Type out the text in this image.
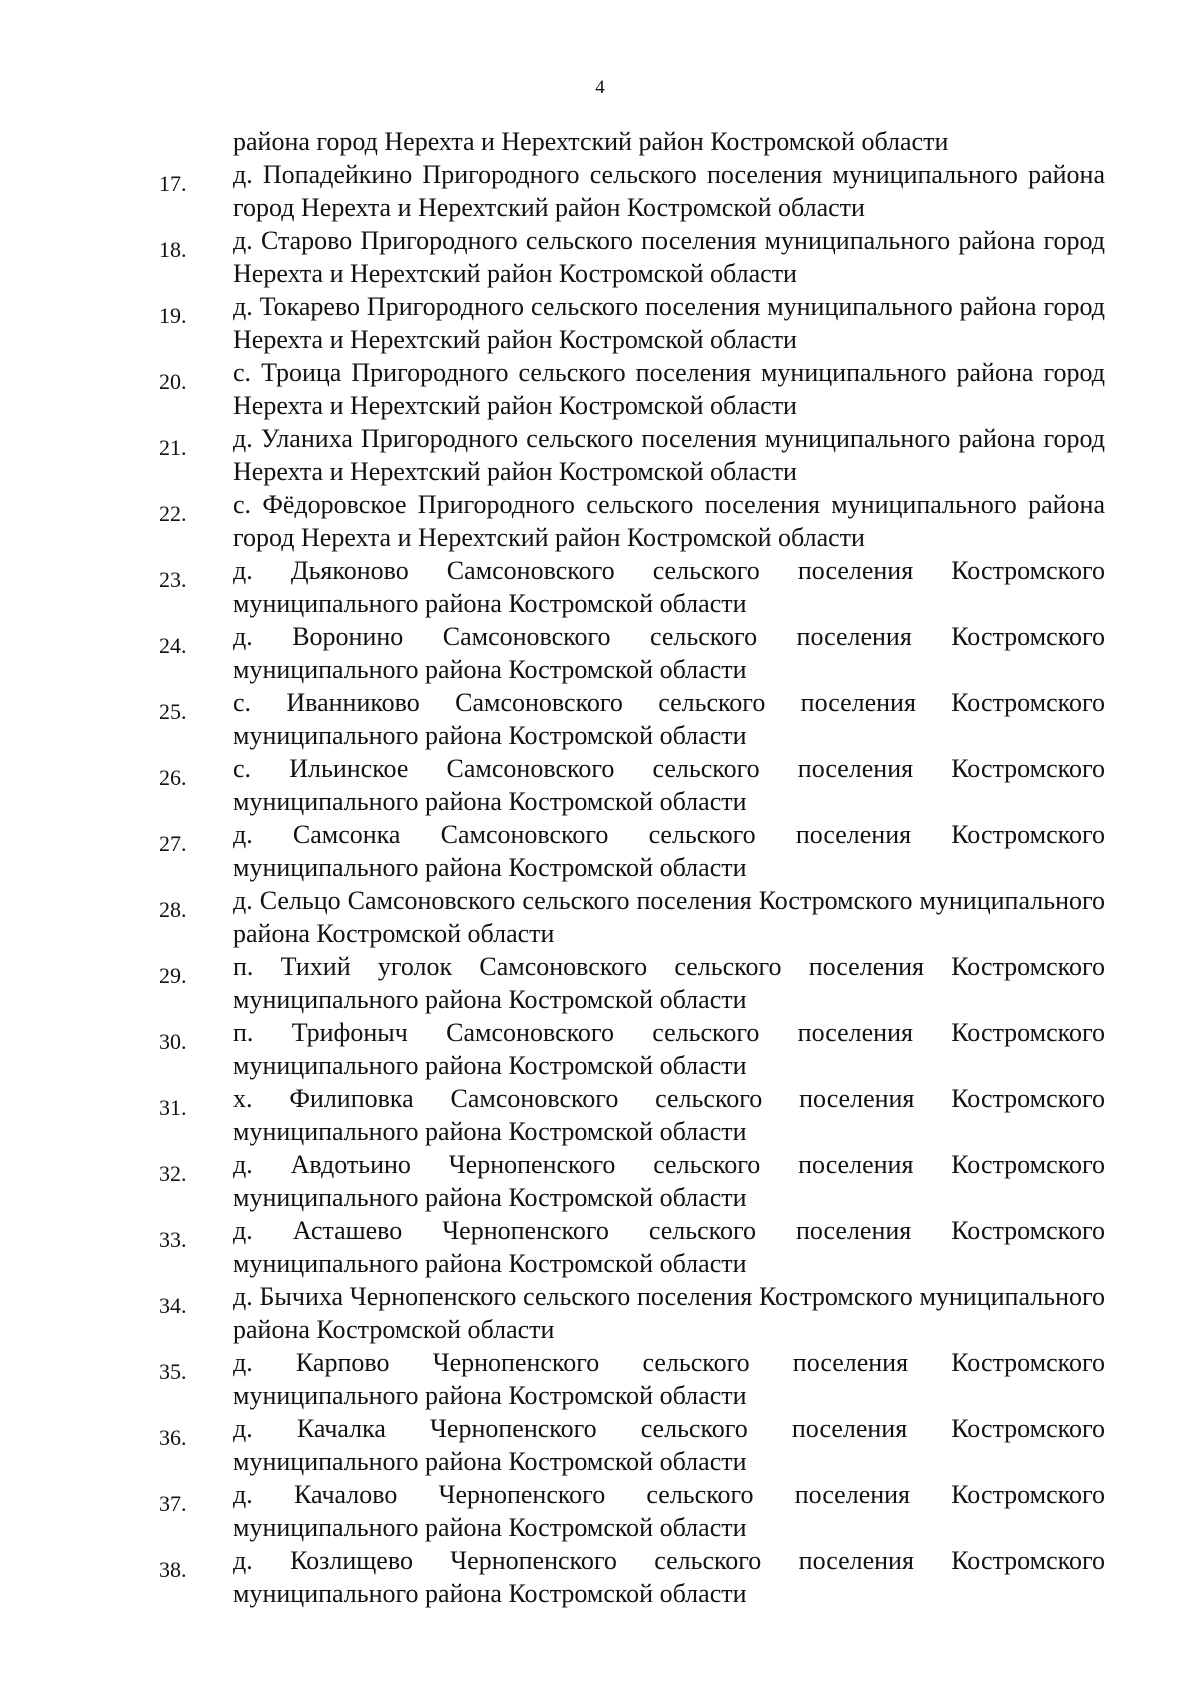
4
района город Нерехта и Нерехтский район Костромской области
17.	д. Попадейкино Пригородного сельского поселения муниципального района город Нерехта и Нерехтский район Костромской области
18.	д. Старово Пригородного сельского поселения муниципального района город Нерехта и Нерехтский район Костромской области
19.	д. Токарево Пригородного сельского поселения муниципального района город Нерехта и Нерехтский район Костромской области
20.	с. Троица Пригородного сельского поселения муниципального района город Нерехта и Нерехтский район Костромской области
21.	д. Уланиха Пригородного сельского поселения муниципального района город Нерехта и Нерехтский район Костромской области
22.	с. Фёдоровское Пригородного сельского поселения муниципального района город Нерехта и Нерехтский район Костромской области
23.	д. Дьяконово Самсоновского сельского поселения Костромского муниципального района Костромской области
24.	д. Воронино Самсоновского сельского поселения Костромского муниципального района Костромской области
25.	с. Иванниково Самсоновского сельского поселения Костромского муниципального района Костромской области
26.	с. Ильинское Самсоновского сельского поселения Костромского муниципального района Костромской области
27.	д. Самсонка Самсоновского сельского поселения Костромского муниципального района Костромской области
28.	д. Сельцо Самсоновского сельского поселения Костромского муниципального района Костромской области
29.	п. Тихий уголок Самсоновского сельского поселения Костромского муниципального района Костромской области
30.	п. Трифоныч Самсоновского сельского поселения Костромского муниципального района Костромской области
31.	х. Филиповка Самсоновского сельского поселения Костромского муниципального района Костромской области
32.	д. Авдотьино Чернопенского сельского поселения Костромского муниципального района Костромской области
33.	д. Асташево Чернопенского сельского поселения Костромского муниципального района Костромской области
34.	д. Бычиха Чернопенского сельского поселения Костромского муниципального района Костромской области
35.	д. Карпово Чернопенского сельского поселения Костромского муниципального района Костромской области
36.	д. Качалка Чернопенского сельского поселения Костромского муниципального района Костромской области
37.	д. Качалово Чернопенского сельского поселения Костромского муниципального района Костромской области
38.	д. Козлищево Чернопенского сельского поселения Костромского муниципального района Костромской области
